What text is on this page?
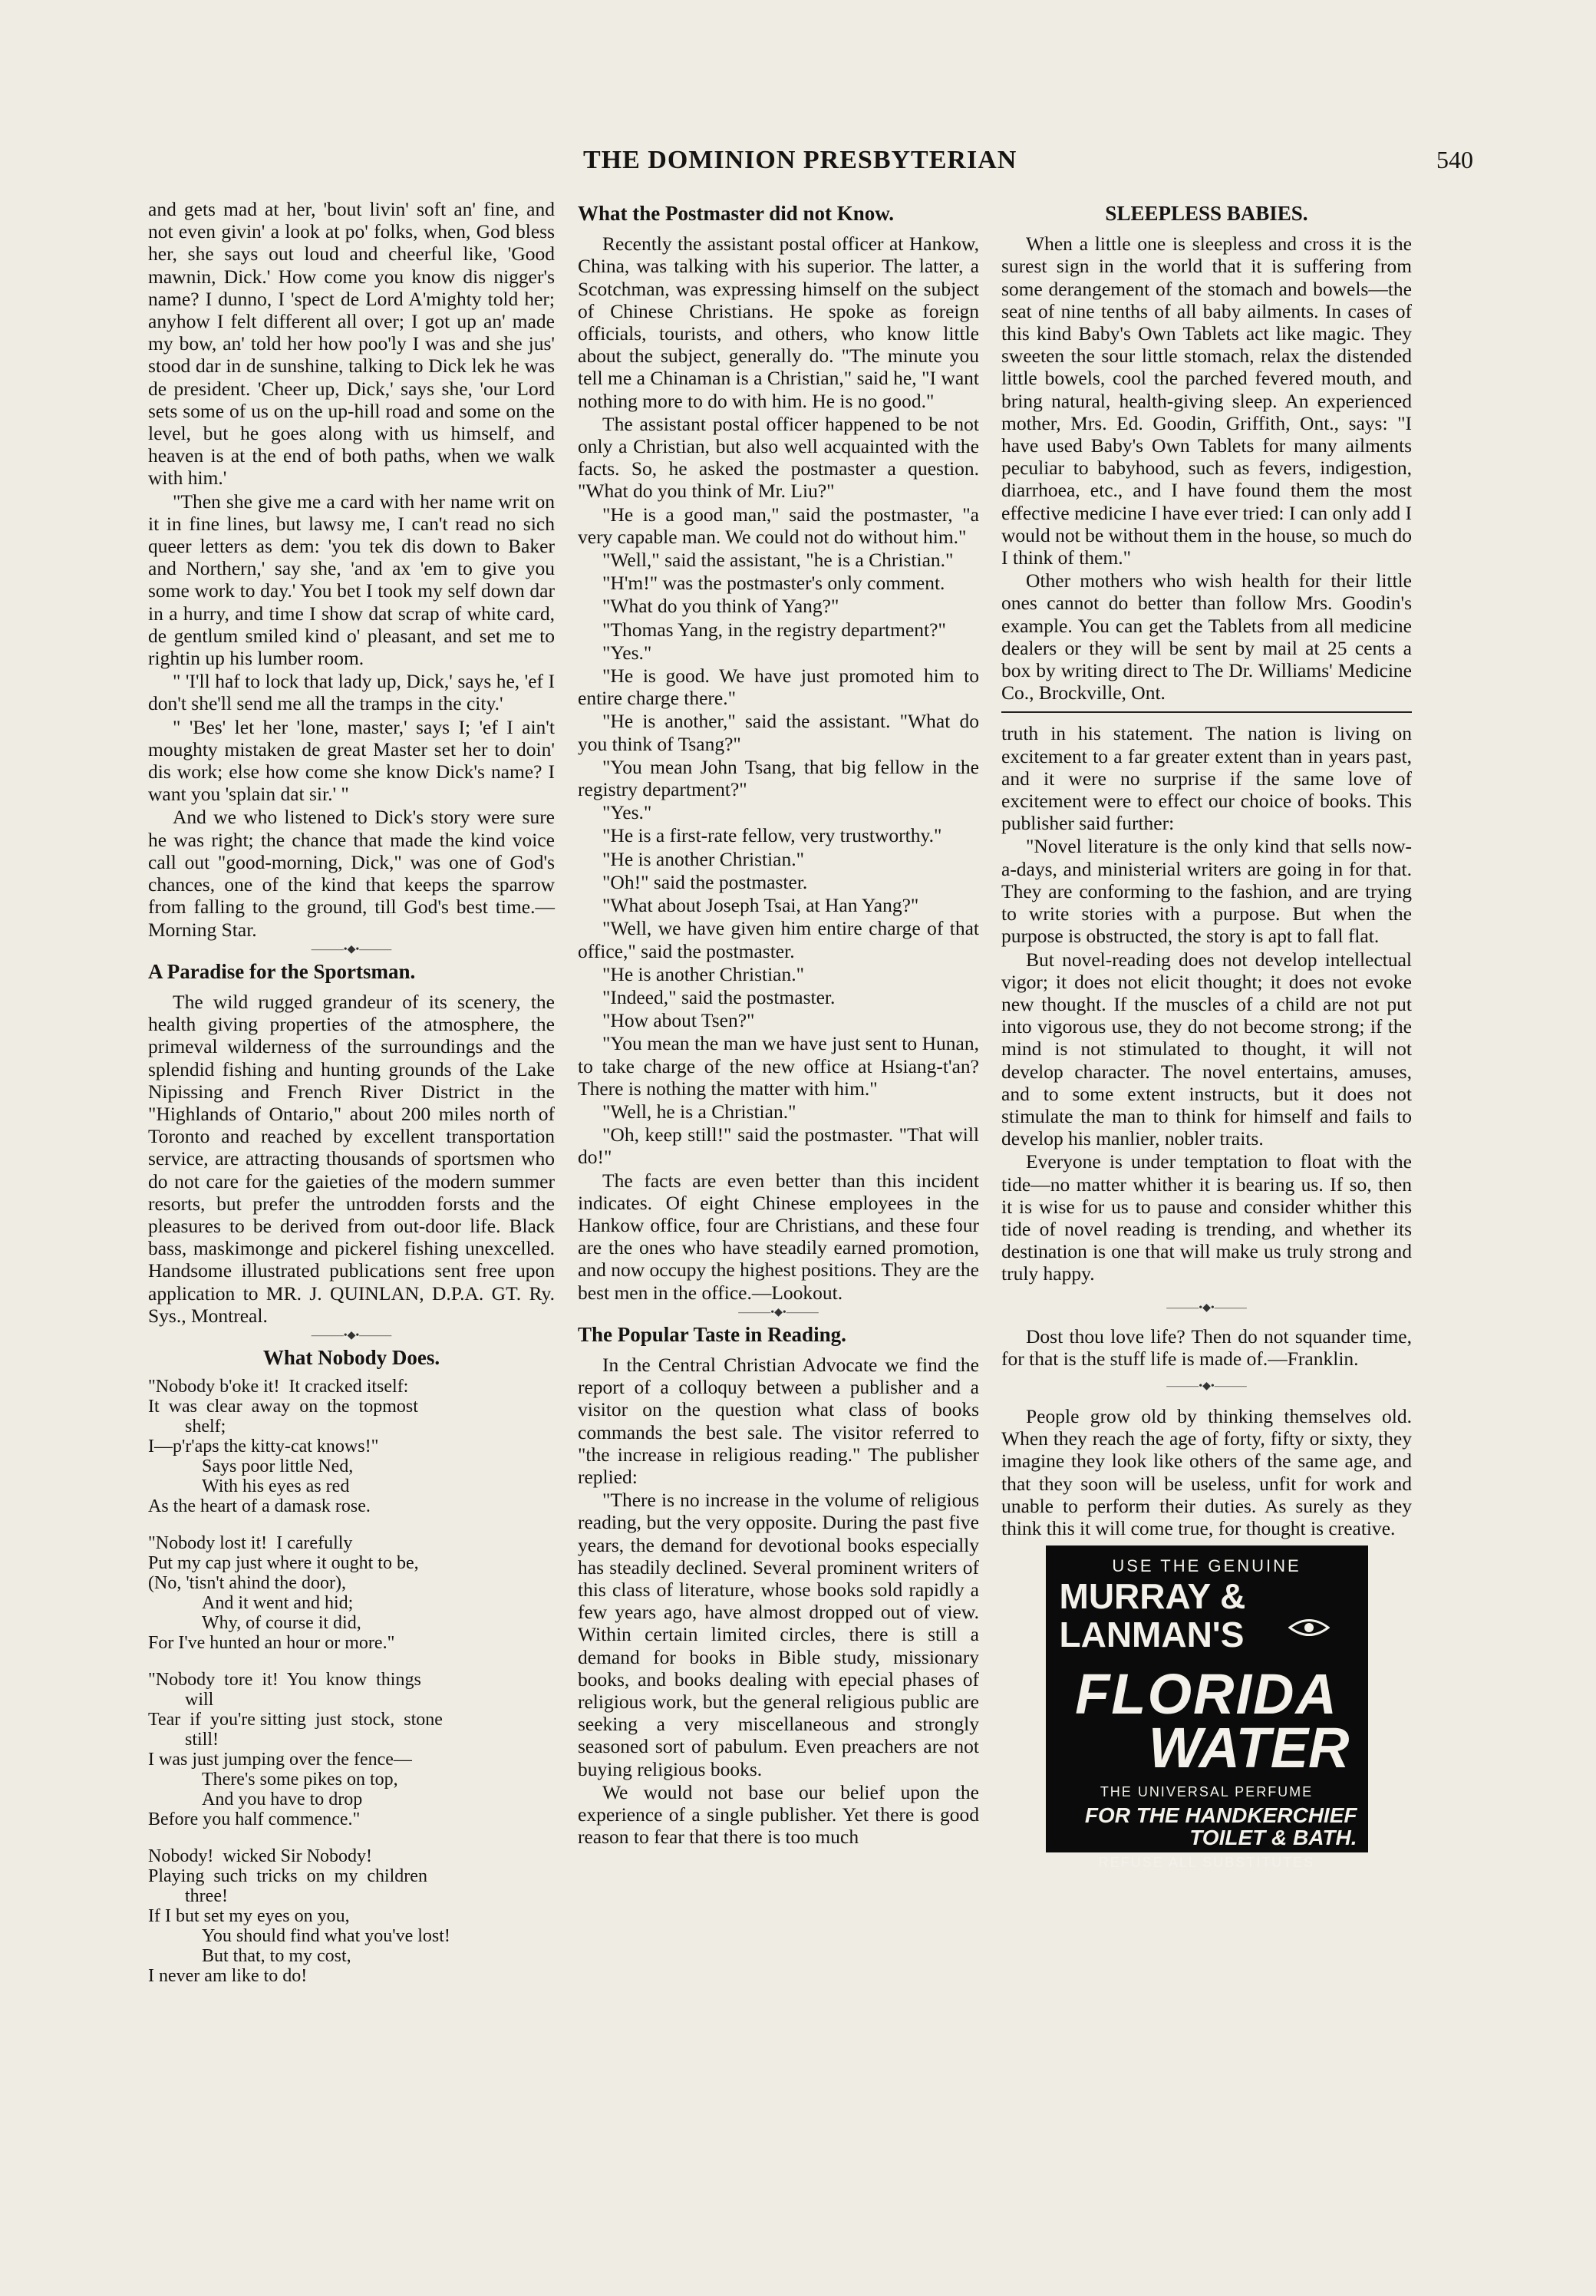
THE DOMINION PRESBYTERIAN	540

and gets mad at her, 'bout livin' soft an' fine, and not even givin' a look at po' folks, when, God bless her, she says out loud and cheerful like, 'Good mawnin, Dick.' How come you know dis nigger's name? I dunno, I 'spect de Lord A'mighty told her; anyhow I felt different all over; I got up an' made my bow, an' told her how poo'ly I was and she jus' stood dar in de sunshine, talking to Dick lek he was de president. 'Cheer up, Dick,' says she, 'our Lord sets some of us on the up-hill road and some on the level, but he goes along with us himself, and heaven is at the end of both paths, when we walk with him.'

"Then she give me a card with her name writ on it in fine lines, but lawsy me, I can't read no sich queer letters as dem: 'you tek dis down to Baker and Northern,' say she, 'and ax 'em to give you some work to day.' You bet I took my self down dar in a hurry, and time I show dat scrap of white card, de gentlum smiled kind o' pleasant, and set me to rightin up his lumber room.

" 'I'll haf to lock that lady up, Dick,' says he, 'ef I don't she'll send me all the tramps in the city.'

" 'Bes' let her 'lone, master,' says I; 'ef I ain't moughty mistaken de great Master set her to doin' dis work; else how come she know Dick's name? I want you 'splain dat sir.' "

And we who listened to Dick's story were sure he was right; the chance that made the kind voice call out "good-morning, Dick," was one of God's chances, one of the kind that keeps the sparrow from falling to the ground, till God's best time.—Morning Star.

———•◆•———
A Paradise for the Sportsman.

The wild rugged grandeur of its scenery, the health giving properties of the atmosphere, the primeval wilderness of the surroundings and the splendid fishing and hunting grounds of the Lake Nipissing and French River District in the "Highlands of Ontario," about 200 miles north of Toronto and reached by excellent transportation service, are attracting thousands of sportsmen who do not care for the gaieties of the modern summer resorts, but prefer the untrodden forsts and the pleasures to be derived from out-door life. Black bass, maskimonge and pickerel fishing unexcelled. Handsome illustrated publications sent free upon application to MR. J. QUINLAN, D.P.A. GT. Ry. Sys., Montreal.

———•◆•———
What Nobody Does.
"Nobody b'oke it!  It cracked itself:
It  was  clear  away  on  the  topmost
shelf;
I—p'r'aps the kitty-cat knows!"
Says poor little Ned,
With his eyes as red
As the heart of a damask rose.
"Nobody lost it!  I carefully
Put my cap just where it ought to be,
(No, 'tisn't ahind the door),
And it went and hid;
Why, of course it did,
For I've hunted an hour or more."
"Nobody  tore  it!  You  know  things
will
Tear  if  you're sitting  just  stock,  stone
still!
I was just jumping over the fence—
There's some pikes on top,
And you have to drop
Before you half commence."
Nobody!  wicked Sir Nobody!
Playing  such  tricks  on  my  children
three!
If I but set my eyes on you,
You should find what you've lost!
But that, to my cost,
I never am like to do!
What the Postmaster did not Know.

Recently the assistant postal officer at Hankow, China, was talking with his superior. The latter, a Scotchman, was expressing himself on the subject of Chinese Christians. He spoke as foreign officials, tourists, and others, who know little about the subject, generally do. "The minute you tell me a Chinaman is a Christian," said he, "I want nothing more to do with him. He is no good."

The assistant postal officer happened to be not only a Christian, but also well acquainted with the facts. So, he asked the postmaster a question. "What do you think of Mr. Liu?"

"He is a good man," said the postmaster, "a very capable man. We could not do without him."

"Well," said the assistant, "he is a Christian."

"H'm!" was the postmaster's only comment.

"What do you think of Yang?"

"Thomas Yang, in the registry department?"

"Yes."

"He is good. We have just promoted him to entire charge there."

"He is another," said the assistant. "What do you think of Tsang?"

"You mean John Tsang, that big fellow in the registry department?"

"Yes."

"He is a first-rate fellow, very trustworthy."

"He is another Christian."

"Oh!" said the postmaster.

"What about Joseph Tsai, at Han Yang?"

"Well, we have given him entire charge of that office," said the postmaster.

"He is another Christian."

"Indeed," said the postmaster.

"How about Tsen?"

"You mean the man we have just sent to Hunan, to take charge of the new office at Hsiang-t'an? There is nothing the matter with him."

"Well, he is a Christian."

"Oh, keep still!" said the postmaster. "That will do!"

The facts are even better than this incident indicates. Of eight Chinese employees in the Hankow office, four are Christians, and these four are the ones who have steadily earned promotion, and now occupy the highest positions. They are the best men in the office.—Lookout.

———•◆•———
The Popular Taste in Reading.

In the Central Christian Advocate we find the report of a colloquy between a publisher and a visitor on the question what class of books commands the best sale. The visitor referred to "the increase in religious reading." The publisher replied:

"There is no increase in the volume of religious reading, but the very opposite. During the past five years, the demand for devotional books especially has steadily declined. Several prominent writers of this class of literature, whose books sold rapidly a few years ago, have almost dropped out of view. Within certain limited circles, there is still a demand for books in Bible study, missionary books, and books dealing with epecial phases of religious work, but the general religious public are seeking a very miscellaneous and strongly seasoned sort of pabulum. Even preachers are not buying religious books.

We would not base our belief upon the experience of a single publisher. Yet there is good reason to fear that there is too much

SLEEPLESS BABIES.

When a little one is sleepless and cross it is the surest sign in the world that it is suffering from some derangement of the stomach and bowels—the seat of nine tenths of all baby ailments. In cases of this kind Baby's Own Tablets act like magic. They sweeten the sour little stomach, relax the distended little bowels, cool the parched fevered mouth, and bring natural, health-giving sleep. An experienced mother, Mrs. Ed. Goodin, Griffith, Ont., says: "I have used Baby's Own Tablets for many ailments peculiar to babyhood, such as fevers, indigestion, diarrhoea, etc., and I have found them the most effective medicine I have ever tried: I can only add I would not be without them in the house, so much do I think of them."

Other mothers who wish health for their little ones cannot do better than follow Mrs. Goodin's example. You can get the Tablets from all medicine dealers or they will be sent by mail at 25 cents a box by writing direct to The Dr. Williams' Medicine Co., Brockville, Ont.

truth in his statement. The nation is living on excitement to a far greater extent than in years past, and it were no surprise if the same love of excitement were to effect our choice of books. This publisher said further:

"Novel literature is the only kind that sells now-a-days, and ministerial writers are going in for that. They are conforming to the fashion, and are trying to write stories with a purpose. But when the purpose is obstructed, the story is apt to fall flat.

But novel-reading does not develop intellectual vigor; it does not elicit thought; it does not evoke new thought. If the muscles of a child are not put into vigorous use, they do not become strong; if the mind is not stimulated to thought, it will not develop character. The novel entertains, amuses, and to some extent instructs, but it does not stimulate the man to think for himself and fails to develop his manlier, nobler traits.

Everyone is under temptation to float with the tide—no matter whither it is bearing us. If so, then it is wise for us to pause and consider whither this tide of novel reading is trending, and whether its destination is one that will make us truly strong and truly happy.

———•◆•———

Dost thou love life? Then do not squander time, for that is the stuff life is made of.—Franklin.

———•◆•———

People grow old by thinking themselves old. When they reach the age of forty, fifty or sixty, they imagine they look like others of the same age, and that they soon will be useless, unfit for work and unable to perform their duties. As surely as they think this it will come true, for thought is creative.

USE THE GENUINE
MURRAY &
LANMAN'S
FLORIDA
WATER
THE UNIVERSAL PERFUME
FOR THE HANDKERCHIEF
TOILET & BATH.
REFUSE ALL SUBSTITUTES
